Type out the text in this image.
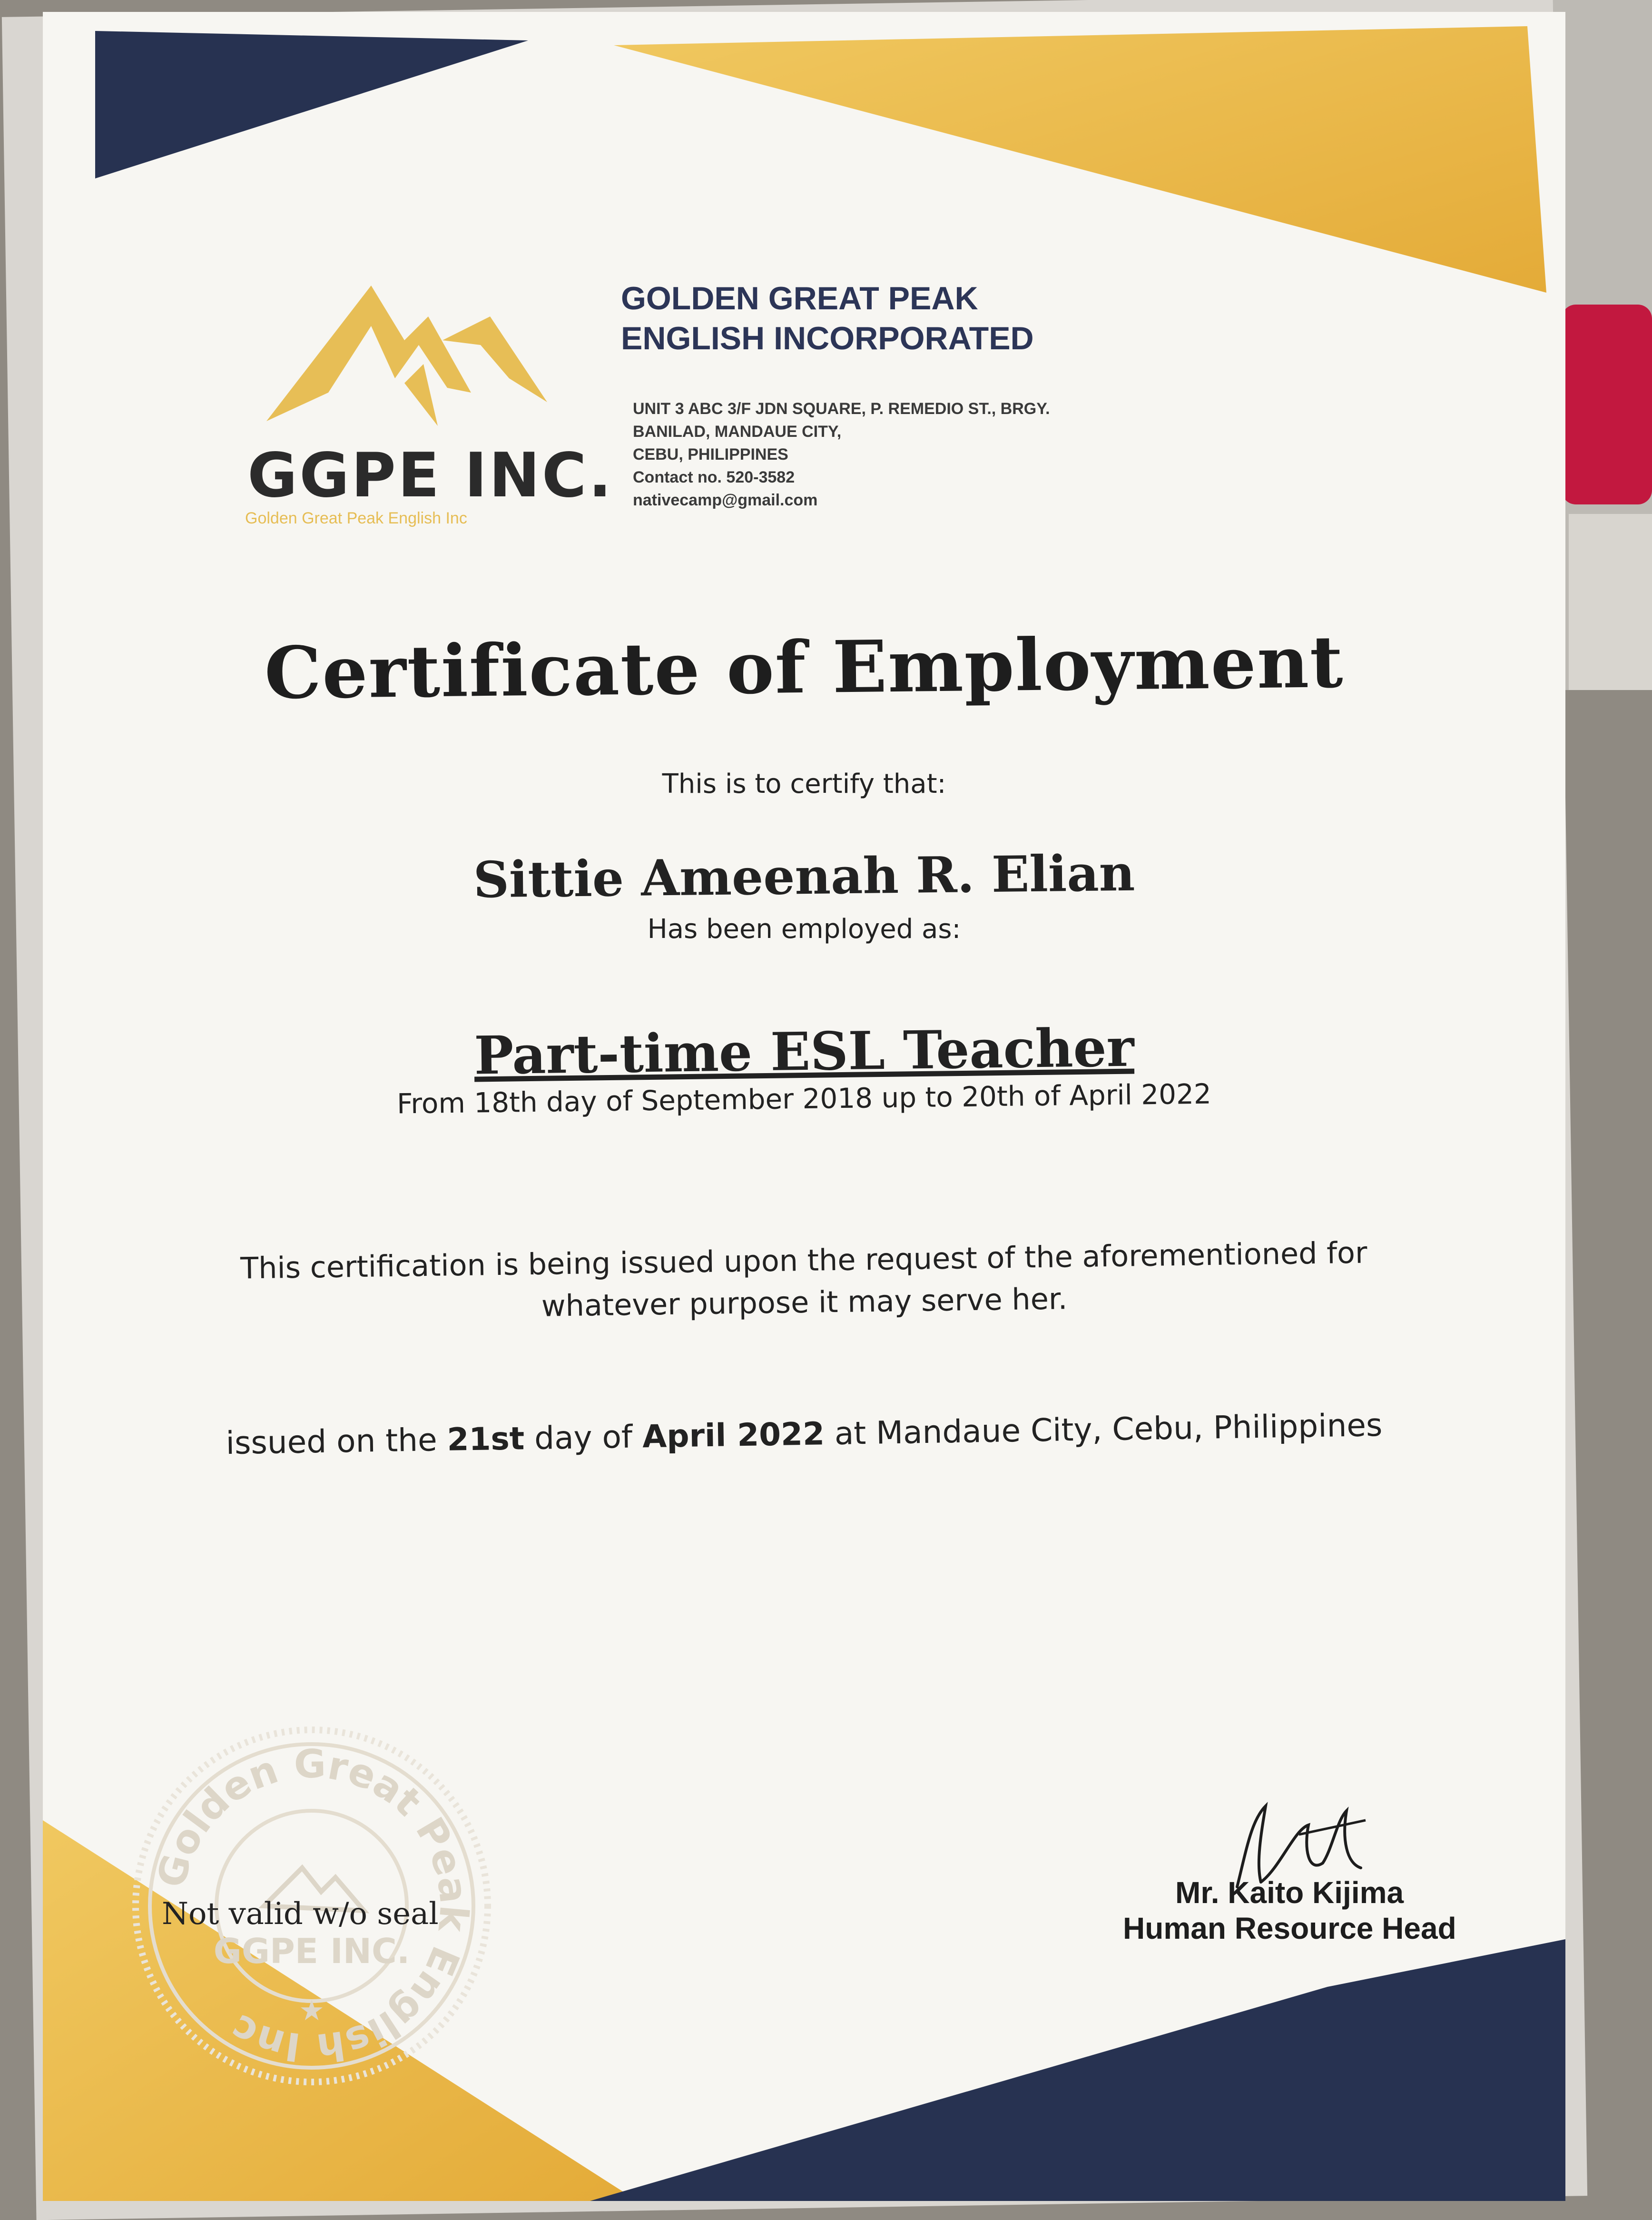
GOLDEN GREAT PEAK
ENGLISH INCORPORATED
UNIT 3 ABC 3/F JDN SQUARE, P. REMEDIO ST., BRGY.
BANILAD, MANDAUE CITY,
CEBU, PHILIPPINES
Contact no. 520-3582
nativecamp@gmail.com
GGPE INC.
Golden Great Peak English Inc
Certificate of Employment
This is to certify that:
Sittie Ameenah R. Elian
Has been employed as:
Part-time ESL Teacher
From 18th day of September 2018 up to 20th of April 2022
This certification is being issued upon the request of the aforementioned for
whatever purpose it may serve her.
issued on the 21st day of April 2022 at Mandaue City, Cebu, Philippines
Golden Great Peak English Inc
GGPE INC.
★
Not valid w/o seal
Mr. Kaito Kijima
Human Resource Head
